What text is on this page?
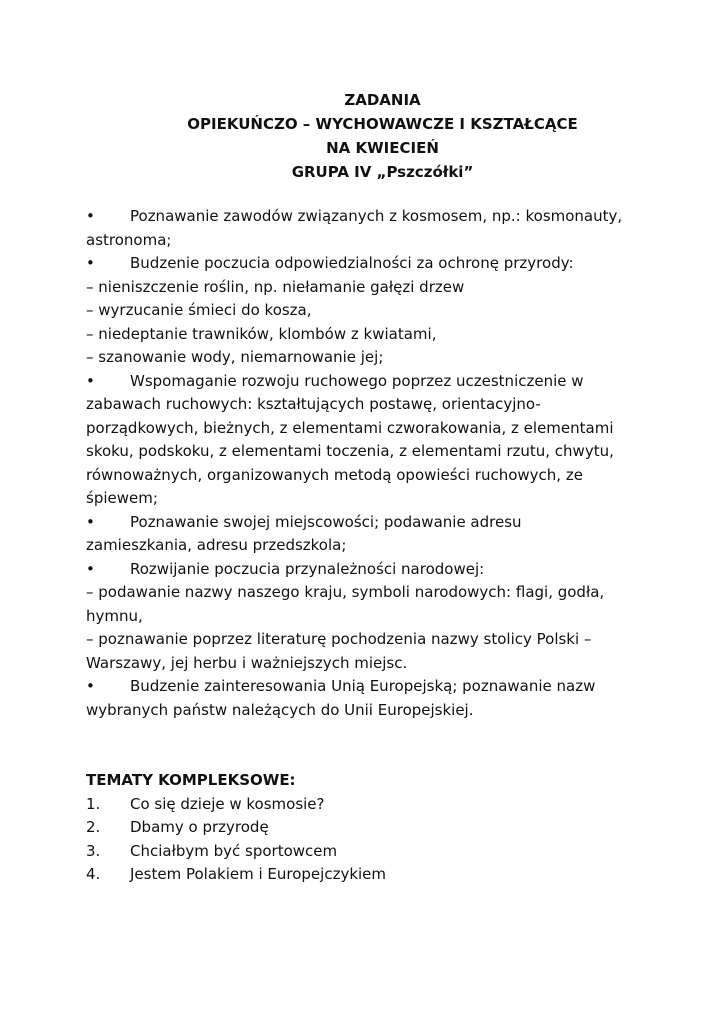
ZADANIA
OPIEKUŃCZO – WYCHOWAWCZE I KSZTAŁCĄCE
NA KWIECIEŃ
GRUPA IV „Pszczółki”
• Poznawanie zawodów związanych z kosmosem, np.: kosmonauty,
astronoma;
• Budzenie poczucia odpowiedzialności za ochronę przyrody:
– nieniszczenie roślin, np. niełamanie gałęzi drzew
– wyrzucanie śmieci do kosza,
– niedeptanie trawników, klombów z kwiatami,
– szanowanie wody, niemarnowanie jej;
• Wspomaganie rozwoju ruchowego poprzez uczestniczenie w
zabawach ruchowych: kształtujących postawę, orientacyjno-
porządkowych, bieżnych, z elementami czworakowania, z elementami
skoku, podskoku, z elementami toczenia, z elementami rzutu, chwytu,
równoważnych, organizowanych metodą opowieści ruchowych, ze
śpiewem;
• Poznawanie swojej miejscowości; podawanie adresu
zamieszkania, adresu przedszkola;
• Rozwijanie poczucia przynależności narodowej:
– podawanie nazwy naszego kraju, symboli narodowych: flagi, godła,
hymnu,
– poznawanie poprzez literaturę pochodzenia nazwy stolicy Polski –
Warszawy, jej herbu i ważniejszych miejsc.
• Budzenie zainteresowania Unią Europejską; poznawanie nazw
wybranych państw należących do Unii Europejskiej.
TEMATY KOMPLEKSOWE:
1. Co się dzieje w kosmosie?
2. Dbamy o przyrodę
3. Chciałbym być sportowcem
4. Jestem Polakiem i Europejczykiem
